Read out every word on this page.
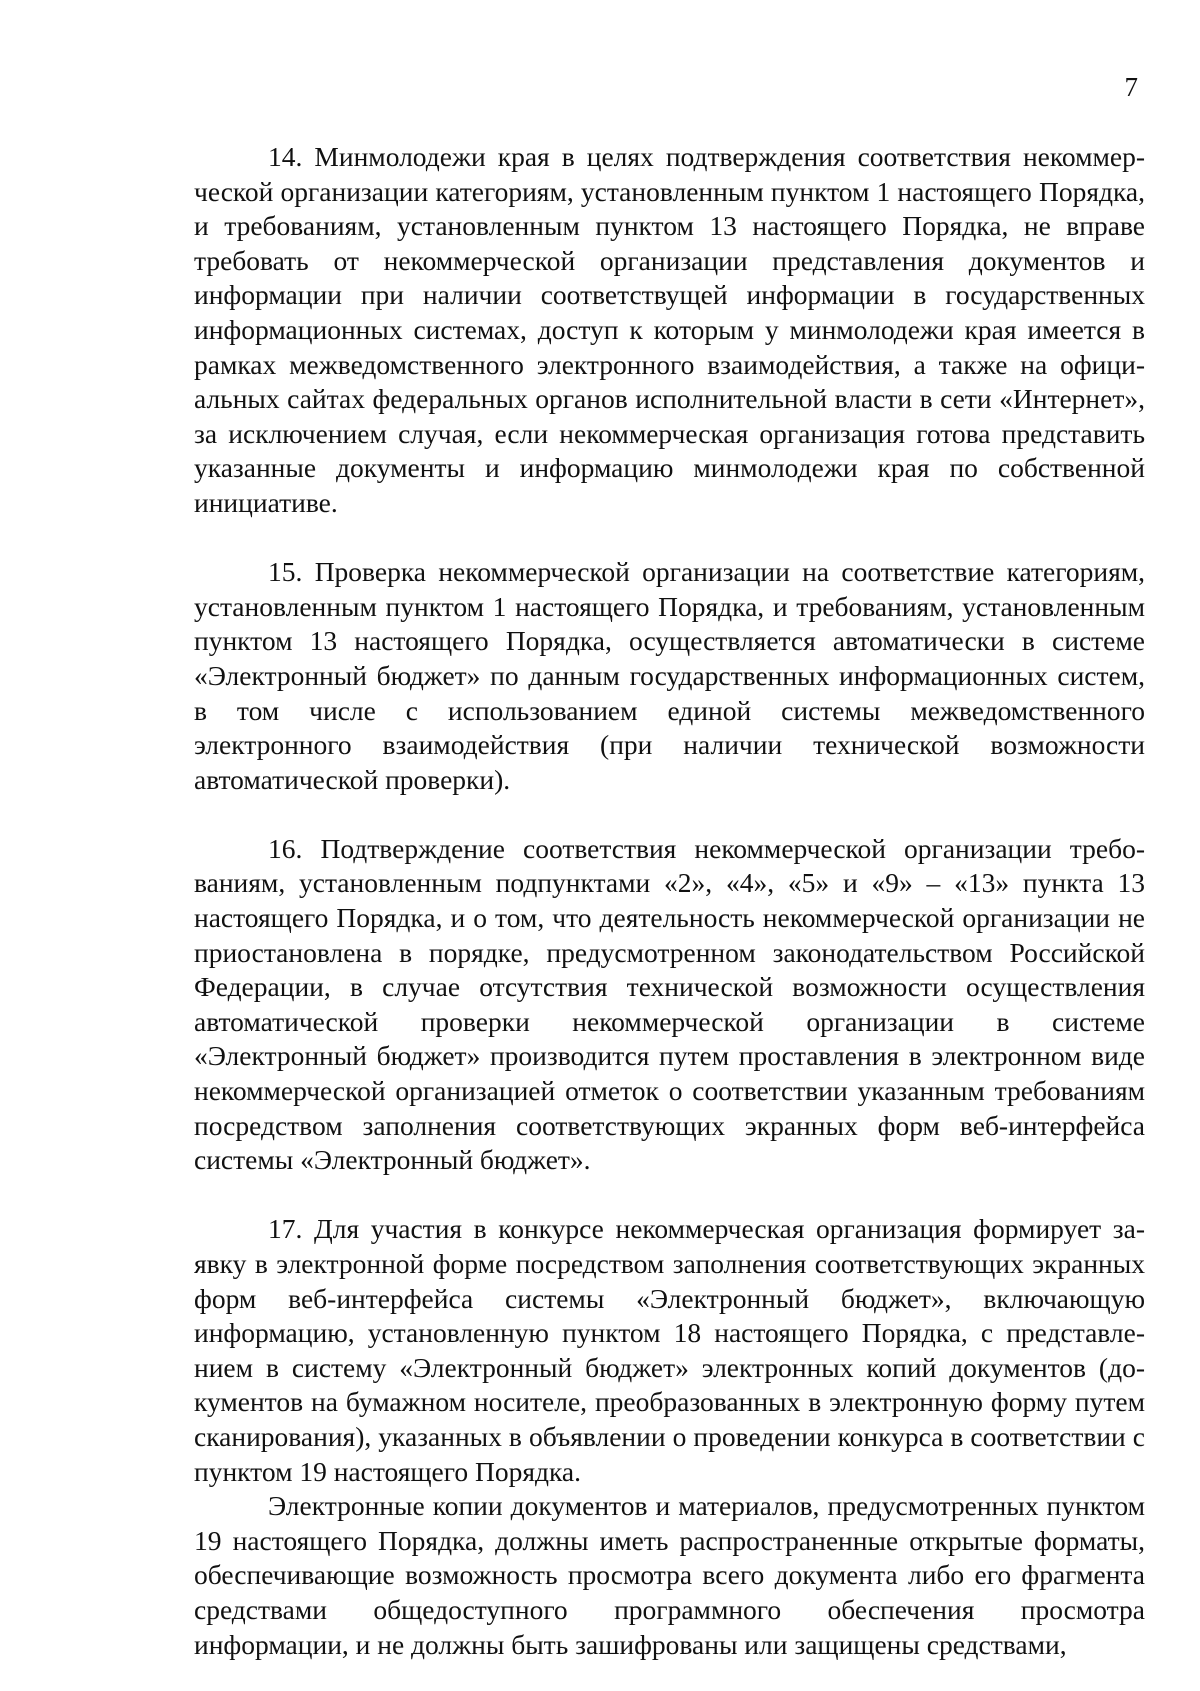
7

14. Минмолодежи края в целях подтверждения соответствия некоммерческой организации категориям, установленным пунктом 1 настоящего Порядка, и требованиям, установленным пунктом 13 настоящего Порядка, не вправе требовать от некоммерческой организации представления документов и информации при наличии соответствущей информации в государственных информационных системах, доступ к которым у минмолодежи края имеется в рамках межведомственного электронного взаимодействия, а также на официальных сайтах федеральных органов исполнительной власти в сети «Интернет», за исключением случая, если некоммерческая организация готова представить указанные документы и информацию минмолодежи края по собственной инициативе.

15. Проверка некоммерческой организации на соответствие категориям, установленным пунктом 1 настоящего Порядка, и требованиям, установленным пунктом 13 настоящего Порядка, осуществляется автоматически в системе «Электронный бюджет» по данным государственных информационных систем, в том числе с использованием единой системы межведомственного электронного взаимодействия (при наличии технической возможности автоматической проверки).

16. Подтверждение соответствия некоммерческой организации требованиям, установленным подпунктами «2», «4», «5» и «9» – «13» пункта 13 настоящего Порядка, и о том, что деятельность некоммерческой организации не приостановлена в порядке, предусмотренном законодательством Российской Федерации, в случае отсутствия технической возможности осуществления автоматической проверки некоммерческой организации в системе «Электронный бюджет» производится путем проставления в электронном виде некоммерческой организацией отметок о соответствии указанным требованиям посредством заполнения соответствующих экранных форм веб-интерфейса системы «Электронный бюджет».

17. Для участия в конкурсе некоммерческая организация формирует заявку в электронной форме посредством заполнения соответствующих экранных форм веб-интерфейса системы «Электронный бюджет», включающую информацию, установленную пунктом 18 настоящего Порядка, с представлением в систему «Электронный бюджет» электронных копий документов (документов на бумажном носителе, преобразованных в электронную форму путем сканирования), указанных в объявлении о проведении конкурса в соответствии с пунктом 19 настоящего Порядка.

Электронные копии документов и материалов, предусмотренных пунктом 19 настоящего Порядка, должны иметь распространенные открытые форматы, обеспечивающие возможность просмотра всего документа либо его фрагмента средствами общедоступного программного обеспечения просмотра информации, и не должны быть зашифрованы или защищены средствами,
